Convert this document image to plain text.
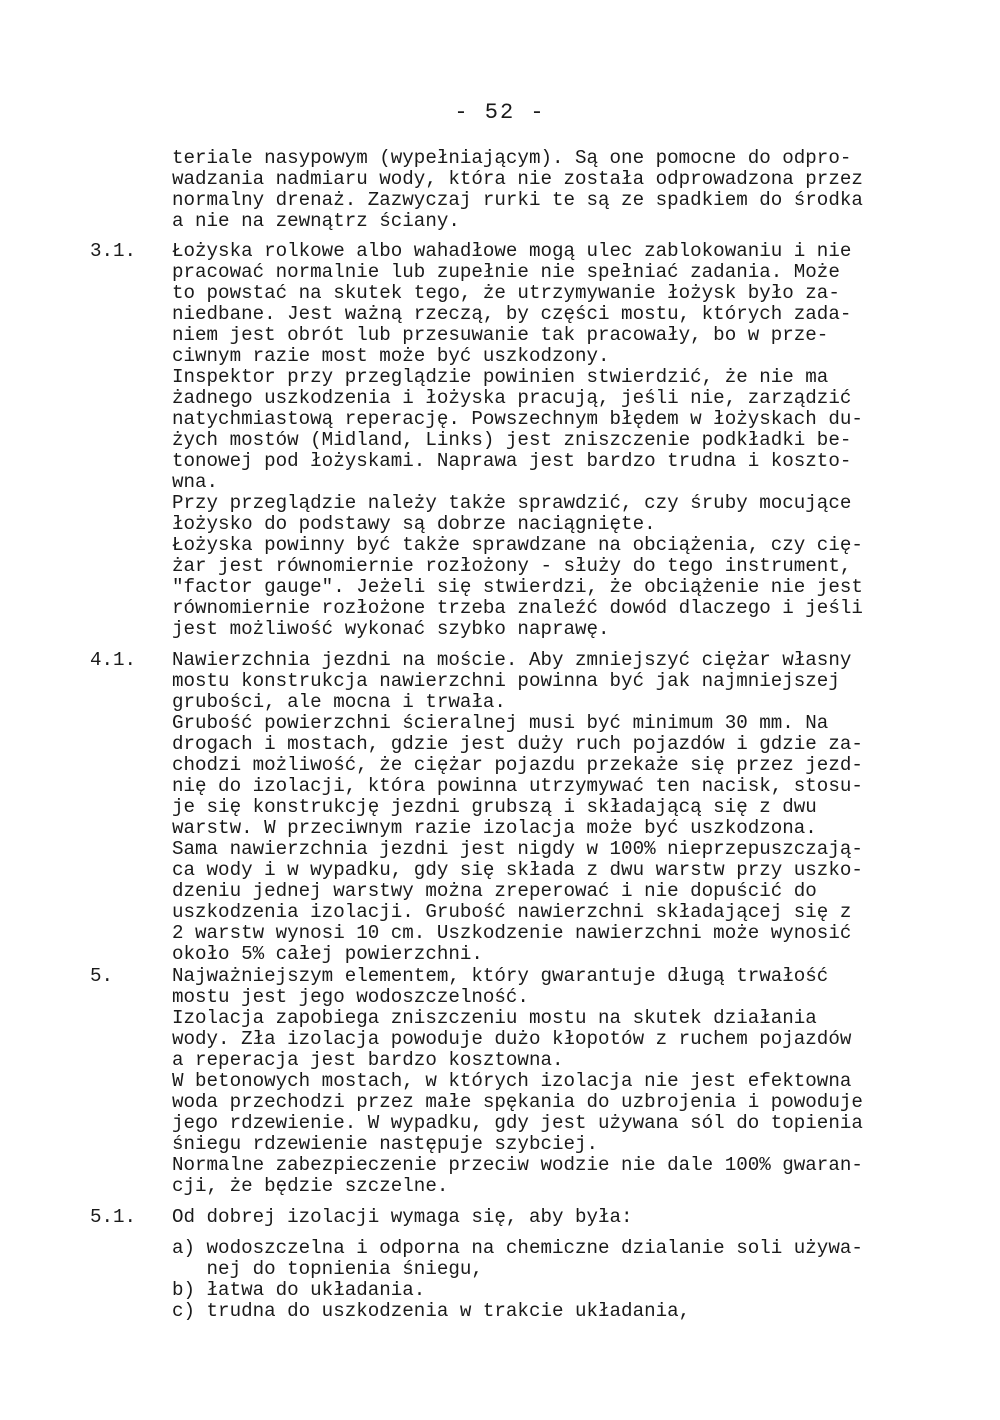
- 52 -
teriale nasypowym (wypełniającym). Są one pomocne do odpro-
wadzania nadmiaru wody, która nie została odprowadzona przez
normalny drenaż. Zazwyczaj rurki te są ze spadkiem do środka
a nie na zewnątrz ściany.
3.1. Łożyska rolkowe albo wahadłowe mogą ulec zablokowaniu i nie
pracować normalnie lub zupełnie nie spełniać zadania. Może
to powstać na skutek tego, że utrzymywanie łożysk było za-
niedbane. Jest ważną rzeczą, by części mostu, których zada-
niem jest obrót lub przesuwanie tak pracowały, bo w prze-
ciwnym razie most może być uszkodzony.
Inspektor przy przeglądzie powinien stwierdzić, że nie ma
żadnego uszkodzenia i łożyska pracują, jeśli nie, zarządzić
natychmiastową reperację. Powszechnym błędem w łożyskach du-
żych mostów (Midland, Links) jest zniszczenie podkładki be-
tonowej pod łożyskami. Naprawa jest bardzo trudna i koszto-
wna.
Przy przeglądzie należy także sprawdzić, czy śruby mocujące
łożysko do podstawy są dobrze naciągnięte.
Łożyska powinny być także sprawdzane na obciążenia, czy cię-
żar jest równomiernie rozłożony - służy do tego instrument,
"factor gauge". Jeżeli się stwierdzi, że obciążenie nie jest
równomiernie rozłożone trzeba znaleźć dowód dlaczego i jeśli
jest możliwość wykonać szybko naprawę.
4.1. Nawierzchnia jezdni na moście. Aby zmniejszyć ciężar własny
mostu konstrukcja nawierzchni powinna być jak najmniejszej
grubości, ale mocna i trwała.
Grubość powierzchni ścieralnej musi być minimum 30 mm. Na
drogach i mostach, gdzie jest duży ruch pojazdów i gdzie za-
chodzi możliwość, że ciężar pojazdu przekaże się przez jezd-
nię do izolacji, która powinna utrzymywać ten nacisk, stosu-
je się konstrukcję jezdni grubszą i składającą się z dwu
warstw. W przeciwnym razie izolacja może być uszkodzona.
Sama nawierzchnia jezdni jest nigdy w 100% nieprzepuszczają-
ca wody i w wypadku, gdy się składa z dwu warstw przy uszko-
dzeniu jednej warstwy można zreperować i nie dopuścić do
uszkodzenia izolacji. Grubość nawierzchni składającej się z
2 warstw wynosi 10 cm. Uszkodzenie nawierzchni może wynosić
około 5% całej powierzchni.
5.	Najważniejszym elementem, który gwarantuje długą trwałość
mostu jest jego wodoszczelność.
Izolacja zapobiega zniszczeniu mostu na skutek działania
wody. Zła izolacja powoduje dużo kłopotów z ruchem pojazdów
a reperacja jest bardzo kosztowna.
W betonowych mostach, w których izolacja nie jest efektowna
woda przechodzi przez małe spękania do uzbrojenia i powoduje
jego rdzewienie. W wypadku, gdy jest używana sól do topienia
śniegu rdzewienie następuje szybciej.
Normalne zabezpieczenie przeciw wodzie nie dale 100% gwaran-
cji, że będzie szczelne.
5.1. Od dobrej izolacji wymaga się, aby była:
a) wodoszczelna i odporna na chemiczne dzialanie soli używa-
nej do topnienia śniegu,
b) łatwa do układania.
c) trudna do uszkodzenia w trakcie układania,
